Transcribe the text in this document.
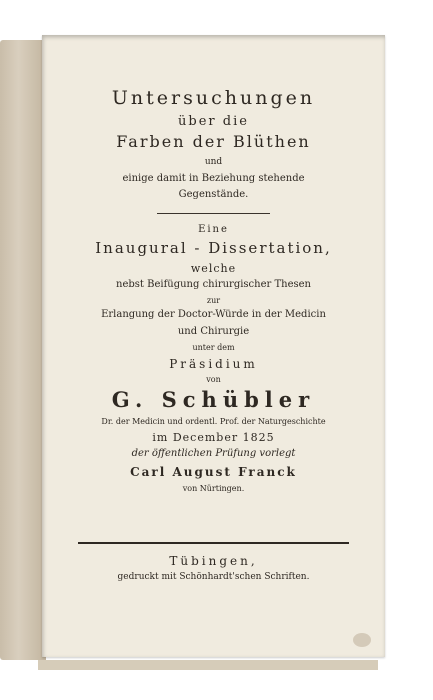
Untersuchungen
über die
Farben der Blüthen
und
einige damit in Beziehung stehende
Gegenstände.
Eine
Inaugural - Dissertation,
welche
nebst Beifügung chirurgischer Thesen
zur
Erlangung der Doctor-Würde in der Medicin
und Chirurgie
unter dem
Präsidium
von
G. Schübler
Dr. der Medicin und ordentl. Prof. der Naturgeschichte
im December 1825
der öffentlichen Prüfung vorlegt
Carl August Franck
von Nürtingen.
Tübingen,
gedruckt mit Schönhardt'schen Schriften.
